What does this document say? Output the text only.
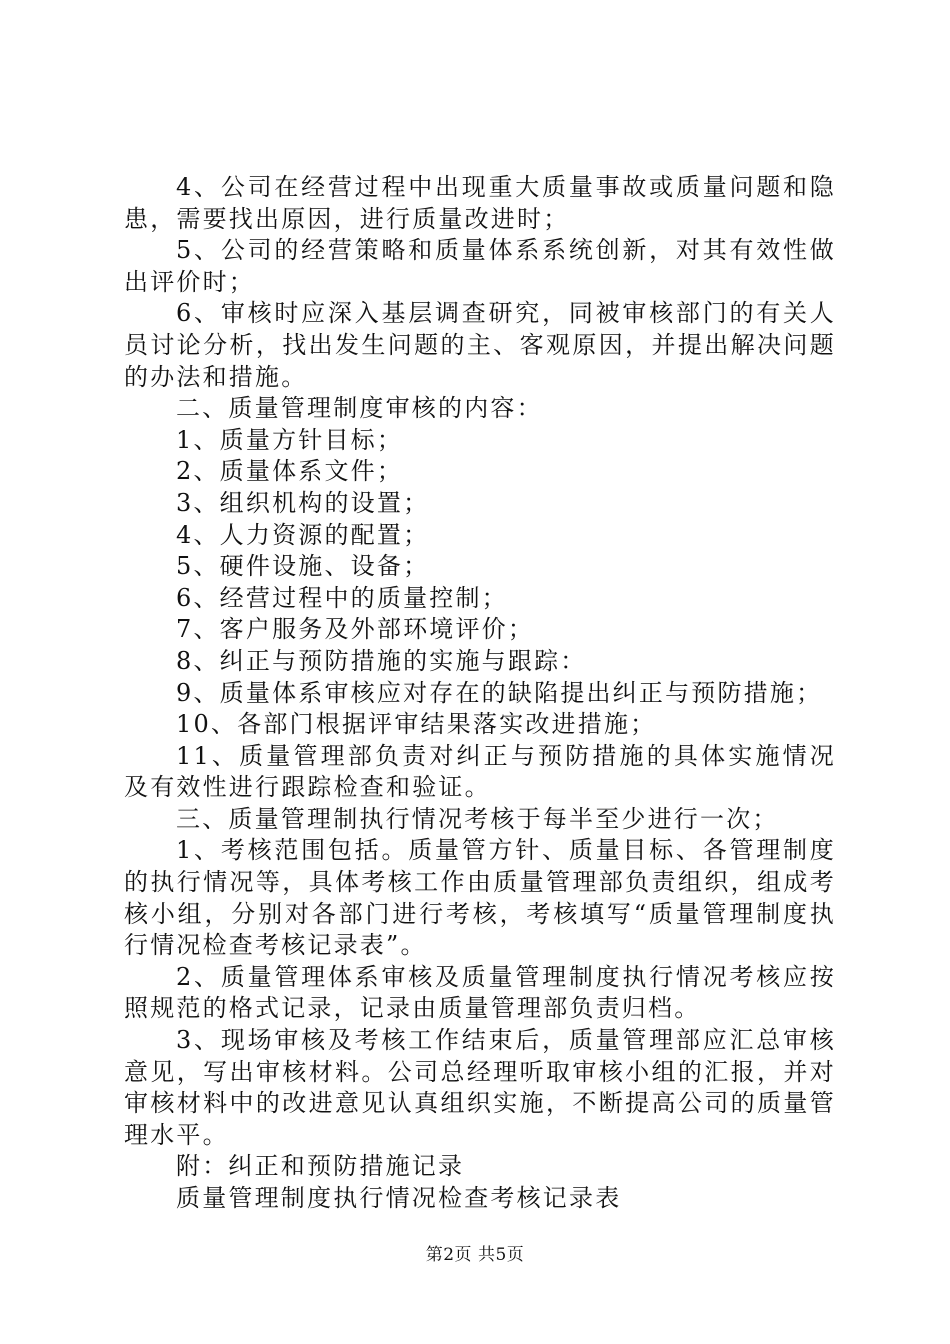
4、公司在经营过程中出现重大质量事故或质量问题和隐患，需要找出原因，进行质量改进时；

5、公司的经营策略和质量体系系统创新，对其有效性做出评价时；

6、审核时应深入基层调查研究，同被审核部门的有关人员讨论分析，找出发生问题的主、客观原因，并提出解决问题的办法和措施。

二、质量管理制度审核的内容：

1、质量方针目标；

2、质量体系文件；

3、组织机构的设置；

4、人力资源的配置；

5、硬件设施、设备；

6、经营过程中的质量控制；

7、客户服务及外部环境评价；

8、纠正与预防措施的实施与跟踪：

9、质量体系审核应对存在的缺陷提出纠正与预防措施；

10、各部门根据评审结果落实改进措施；

11、质量管理部负责对纠正与预防措施的具体实施情况及有效性进行跟踪检查和验证。

三、质量管理制执行情况考核于每半至少进行一次；

1、考核范围包括。质量管方针、质量目标、各管理制度的执行情况等，具体考核工作由质量管理部负责组织，组成考核小组，分别对各部门进行考核，考核填写“质量管理制度执行情况检查考核记录表”。

2、质量管理体系审核及质量管理制度执行情况考核应按照规范的格式记录，记录由质量管理部负责归档。

3、现场审核及考核工作结束后，质量管理部应汇总审核意见，写出审核材料。公司总经理听取审核小组的汇报，并对审核材料中的改进意见认真组织实施，不断提高公司的质量管理水平。

附：纠正和预防措施记录

质量管理制度执行情况检查考核记录表

第2页 共5页
